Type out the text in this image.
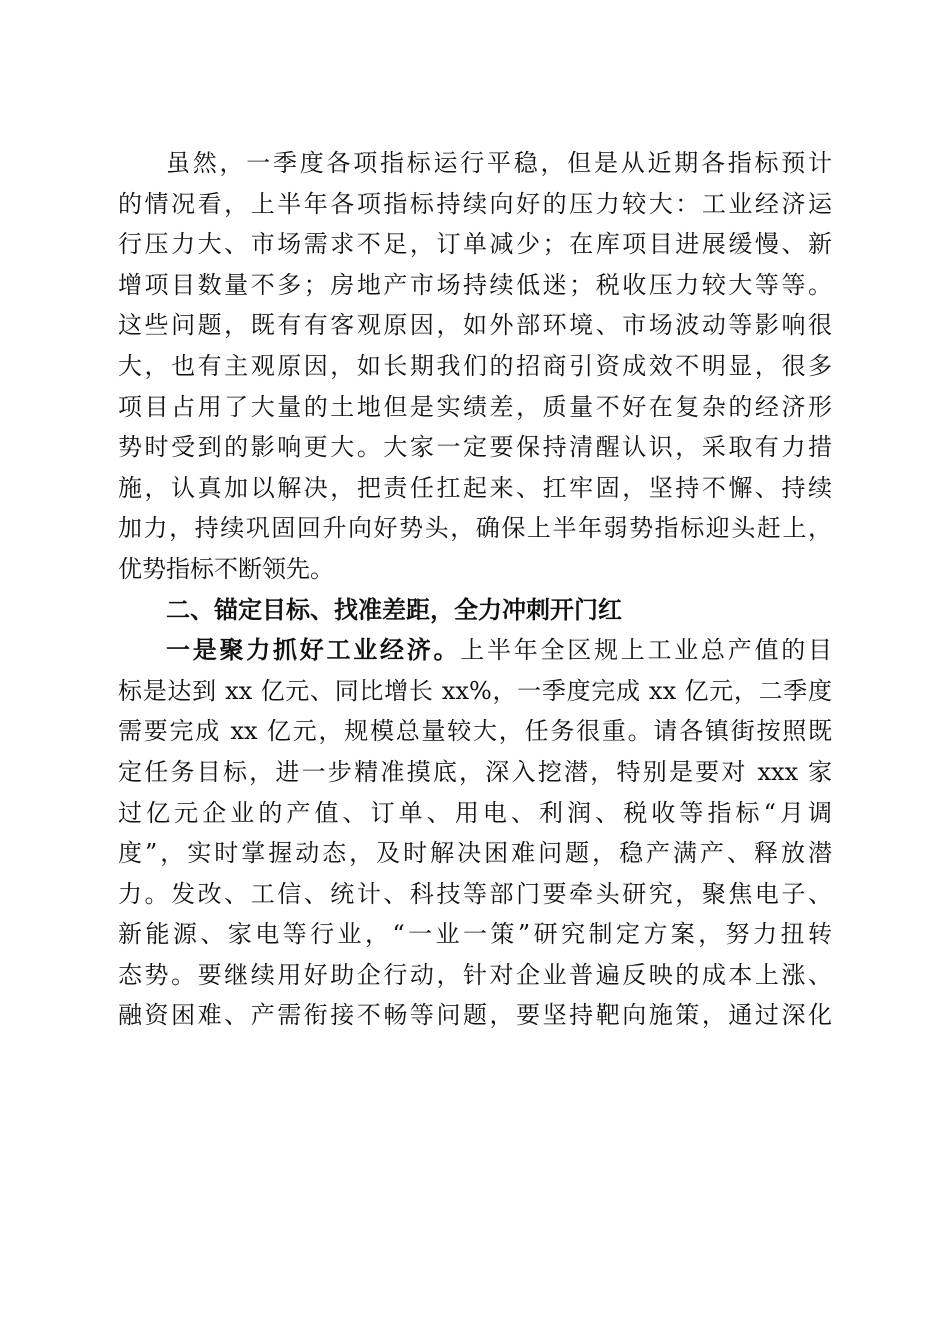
虽然，一季度各项指标运行平稳，但是从近期各指标预计
的情况看，上半年各项指标持续向好的压力较大：工业经济运
行压力大、市场需求不足，订单减少；在库项目进展缓慢、新
增项目数量不多；房地产市场持续低迷；税收压力较大等等。
这些问题，既有有客观原因，如外部环境、市场波动等影响很
大，也有主观原因，如长期我们的招商引资成效不明显，很多
项目占用了大量的土地但是实绩差，质量不好在复杂的经济形
势时受到的影响更大。大家一定要保持清醒认识，采取有力措
施，认真加以解决，把责任扛起来、扛牢固，坚持不懈、持续
加力，持续巩固回升向好势头，确保上半年弱势指标迎头赶上，
优势指标不断领先。
二、锚定目标、找准差距，全力冲刺开门红
一是聚力抓好工业经济。上半年全区规上工业总产值的目
标是达到 xx 亿元、同比增长 xx%，一季度完成 xx 亿元，二季度
需要完成 xx 亿元，规模总量较大，任务很重。请各镇街按照既
定任务目标，进一步精准摸底，深入挖潜，特别是要对 xxx 家
过亿元企业的产值、订单、用电、利润、税收等指标“月调
度”，实时掌握动态，及时解决困难问题，稳产满产、释放潜
力。发改、工信、统计、科技等部门要牵头研究，聚焦电子、
新能源、家电等行业，“一业一策”研究制定方案，努力扭转
态势。要继续用好助企行动，针对企业普遍反映的成本上涨、
融资困难、产需衔接不畅等问题，要坚持靶向施策，通过深化
